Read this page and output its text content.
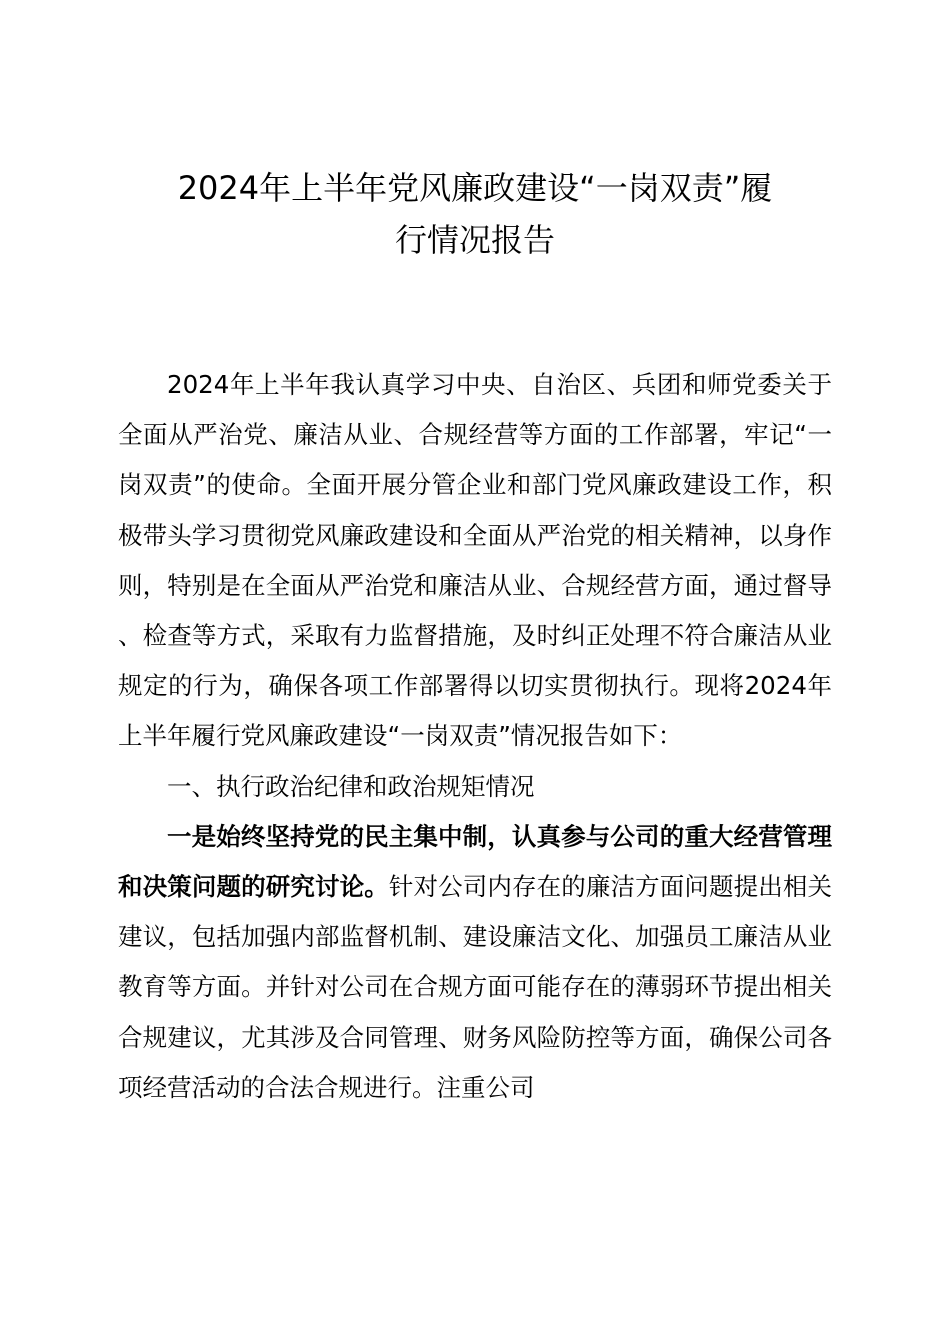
2024年上半年党风廉政建设“一岗双责”履
行情况报告

2024年上半年我认真学习中央、自治区、兵团和师党委关于全面从严治党、廉洁从业、合规经营等方面的工作部署，牢记“一岗双责”的使命。全面开展分管企业和部门党风廉政建设工作，积极带头学习贯彻党风廉政建设和全面从严治党的相关精神，以身作则，特别是在全面从严治党和廉洁从业、合规经营方面，通过督导、检查等方式，采取有力监督措施，及时纠正处理不符合廉洁从业规定的行为，确保各项工作部署得以切实贯彻执行。现将2024年上半年履行党风廉政建设“一岗双责”情况报告如下：

一、执行政治纪律和政治规矩情况

一是始终坚持党的民主集中制，认真参与公司的重大经营管理和决策问题的研究讨论。针对公司内存在的廉洁方面问题提出相关建议，包括加强内部监督机制、建设廉洁文化、加强员工廉洁从业教育等方面。并针对公司在合规方面可能存在的薄弱环节提出相关合规建议，尤其涉及合同管理、财务风险防控等方面，确保公司各项经营活动的合法合规进行。注重公司
